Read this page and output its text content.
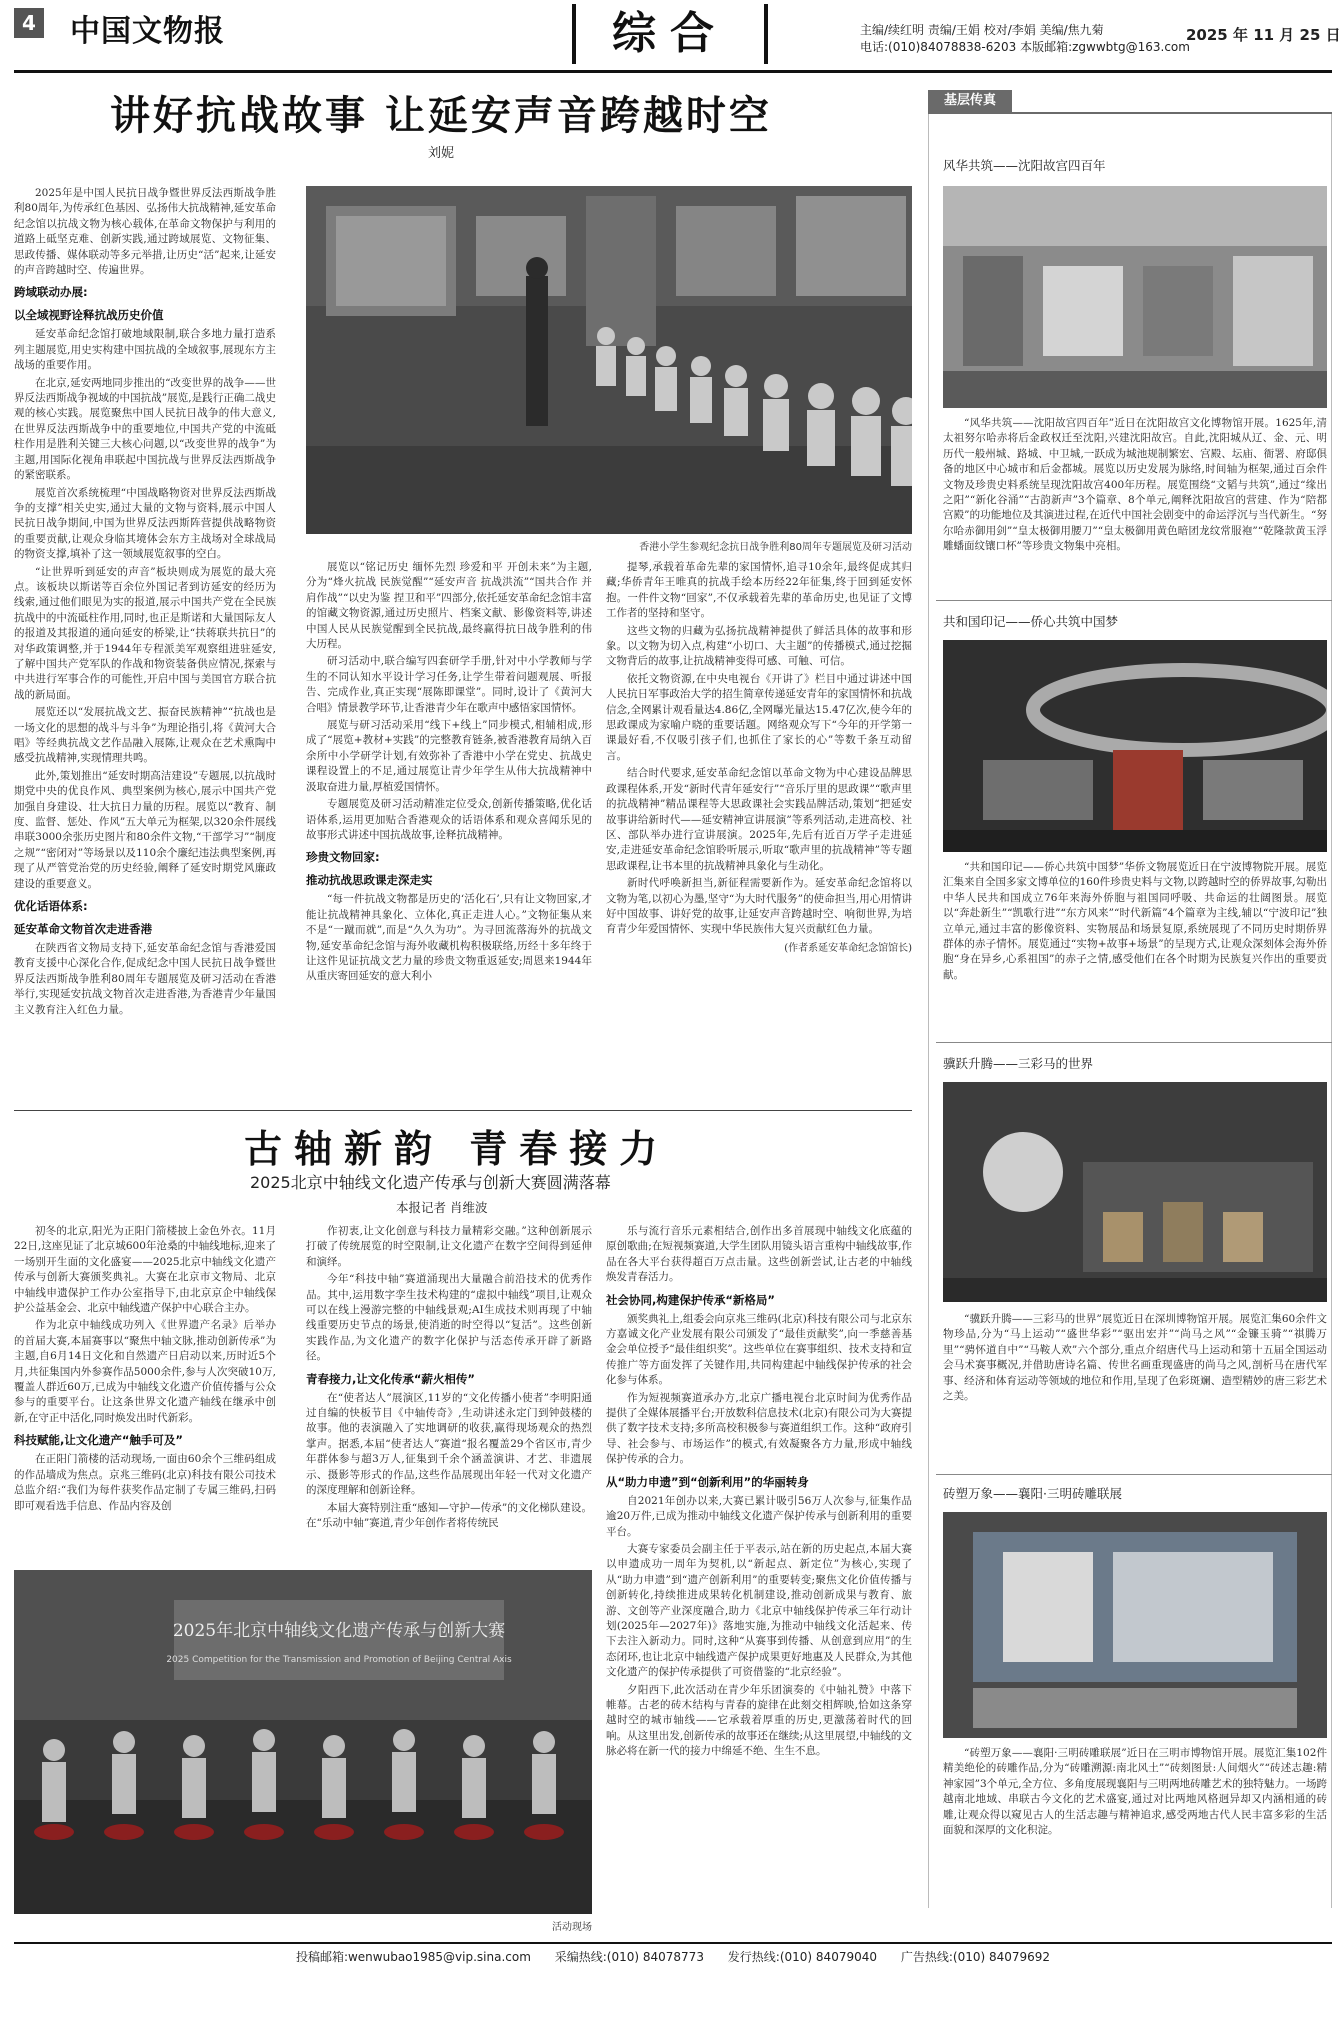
4 中国文物报	综合	主编/续红明 责编/王娟 校对/李娟 美编/焦九菊
电话:(010)84078838-6203 本版邮箱:zgwwbtg@163.com
2025 年 11 月 25 日
讲好抗战故事 让延安声音跨越时空
刘妮

2025年是中国人民抗日战争暨世界反法西斯战争胜利80周年,为传承红色基因、弘扬伟大抗战精神,延安革命纪念馆以抗战文物为核心载体,在革命文物保护与利用的道路上砥坚克难、创新实践,通过跨域展览、文物征集、思政传播、媒体联动等多元举措,让历史“活”起来,让延安的声音跨越时空、传遍世界。

跨域联动办展:
以全域视野诠释抗战历史价值

延安革命纪念馆打破地域限制,联合多地力量打造系列主题展览,用史实构建中国抗战的全域叙事,展现东方主战场的重要作用。

在北京,延安两地同步推出的“改变世界的战争——世界反法西斯战争视域的中国抗战”展览,是践行正确二战史观的核心实践。展览聚焦中国人民抗日战争的伟大意义,在世界反法西斯战争中的重要地位,中国共产党的中流砥柱作用是胜利关键三大核心问题,以“改变世界的战争”为主题,用国际化视角串联起中国抗战与世界反法西斯战争的紧密联系。

展览首次系统梳理“中国战略物资对世界反法西斯战争的支撑”相关史实,通过大量的文物与资料,展示中国人民抗日战争期间,中国为世界反法西斯阵营提供战略物资的重要贡献,让观众身临其境体会东方主战场对全球战局的物资支撑,填补了这一领域展览叙事的空白。

“让世界听到延安的声音”板块则成为展览的最大亮点。该板块以斯诺等百余位外国记者到访延安的经历为线索,通过他们眼见为实的报道,展示中国共产党在全民族抗战中的中流砥柱作用,同时,也正是斯诺和大量国际友人的报道及其报道的通向延安的桥梁,让“扶蒋联共抗日”的对华政策调整,并于1944年专程派美军观察组进驻延安,了解中国共产党军队的作战和物资装备供应情况,探索与中共进行军事合作的可能性,开启中国与美国官方联合抗战的新局面。

展览还以“发展抗战文艺、振奋民族精神”“抗战也是一场文化的思想的战斗与斗争”为理论指引,将《黄河大合唱》等经典抗战文艺作品融入展陈,让观众在艺术熏陶中感受抗战精神,实现情理共鸣。

此外,策划推出“延安时期高洁建设”专题展,以抗战时期党中央的优良作风、典型案例为核心,展示中国共产党加强自身建设、壮大抗日力量的历程。展览以“教育、制度、监督、惩处、作风”五大单元为框架,以320余件展线串联3000余张历史图片和80余件文物,“干部学习”“制度之规”“密闭对”等场景以及110余个廉纪违法典型案例,再现了从严管党治党的历史经验,阐释了延安时期党风廉政建设的重要意义。

优化话语体系:
延安革命文物首次走进香港

在陕西省文物局支持下,延安革命纪念馆与香港爱国教育支援中心深化合作,促成纪念中国人民抗日战争暨世界反法西斯战争胜利80周年专题展览及研习活动在香港举行,实现延安抗战文物首次走进香港,为香港青少年量国主义教育注入红色力量。

香港小学生参观纪念抗日战争胜利80周年专题展览及研习活动

展览以“铭记历史 缅怀先烈 珍爱和平 开创未来”为主题,分为“烽火抗战 民族觉醒”“延安声音 抗战洪流”“国共合作 并肩作战”“以史为鉴 捏卫和平”四部分,依托延安革命纪念馆丰富的馆藏文物资源,通过历史照片、档案文献、影像资料等,讲述中国人民从民族觉醒到全民抗战,最终赢得抗日战争胜利的伟大历程。

研习活动中,联合编写四套研学手册,针对中小学教师与学生的不同认知水平设计学习任务,让学生带着问题观展、听报告、完成作业,真正实现“展陈即课堂”。同时,设计了《黄河大合唱》情景教学环节,让香港青少年在歌声中感悟家国情怀。

展览与研习活动采用“线下+线上”同步模式,相辅相成,形成了“展览+教材+实践”的完整教育链条,被香港教育局纳入百余所中小学研学计划,有效弥补了香港中小学在党史、抗战史课程设置上的不足,通过展览让青少年学生从伟大抗战精神中汲取奋进力量,厚植爱国情怀。

专题展览及研习活动精准定位受众,创新传播策略,优化话语体系,运用更加贴合香港观众的话语体系和观众喜闻乐见的故事形式讲述中国抗战故事,诠释抗战精神。

珍贵文物回家:
推动抗战思政课走深走实

“每一件抗战文物都是历史的‘活化石’,只有让文物回家,才能让抗战精神具象化、立体化,真正走进人心。”文物征集从来不是“一蹴而就”,而是“久久为功”。为寻回流落海外的抗战文物,延安革命纪念馆与海外收藏机构积极联络,历经十多年终于让这件见证抗战文艺力量的珍贵文物重返延安;周恩来1944年从重庆寄回延安的意大利小

提琴,承载着革命先辈的家国情怀,追寻10余年,最终促成其归藏;华侨青年王唯真的抗战手绘本历经22年征集,终于回到延安怀抱。一件件文物“回家”,不仅承载着先辈的革命历史,也见证了文博工作者的坚持和坚守。

这些文物的归藏为弘扬抗战精神提供了鲜活具体的故事和形象。以文物为切入点,构建“小切口、大主题”的传播模式,通过挖掘文物背后的故事,让抗战精神变得可感、可触、可信。

依托文物资源,在中央电视台《开讲了》栏目中通过讲述中国人民抗日军事政治大学的招生简章传递延安青年的家国情怀和抗战信念,全网累计观看量达4.86亿,全网曝光量达15.47亿次,使今年的思政课成为家喻户晓的重要话题。网络观众写下“今年的开学第一课最好看,不仅吸引孩子们,也抓住了家长的心”等数千条互动留言。

结合时代要求,延安革命纪念馆以革命文物为中心建设品牌思政课程体系,开发“新时代青年延安行”“音乐厅里的思政课”“歌声里的抗战精神”精品课程等大思政课社会实践品牌活动,策划“把延安故事讲给新时代——延安精神宣讲展演”等系列活动,走进高校、社区、部队举办进行宣讲展演。2025年,先后有近百万学子走进延安,走进延安革命纪念馆聆听展示,听取“歌声里的抗战精神”等专题思政课程,让书本里的抗战精神具象化与生动化。

新时代呼唤新担当,新征程需要新作为。延安革命纪念馆将以文物为笔,以初心为墨,坚守“为大时代服务”的使命担当,用心用情讲好中国故事、讲好党的故事,让延安声音跨越时空、响彻世界,为培育青少年爱国情怀、实现中华民族伟大复兴贡献红色力量。

(作者系延安革命纪念馆馆长)

古轴新韵 青春接力
2025北京中轴线文化遗产传承与创新大赛圆满落幕
本报记者 肖维波

初冬的北京,阳光为正阳门箭楼披上金色外衣。11月22日,这座见证了北京城600年沧桑的中轴线地标,迎来了一场别开生面的文化盛宴——2025北京中轴线文化遗产传承与创新大赛颁奖典礼。大赛在北京市文物局、北京中轴线申遗保护工作办公室指导下,由北京京企中轴线保护公益基金会、北京中轴线遗产保护中心联合主办。

作为北京中轴线成功列入《世界遗产名录》后举办的首届大赛,本届赛事以“聚焦中轴文脉,推动创新传承”为主题,自6月14日文化和自然遗产日启动以来,历时近5个月,共征集国内外参赛作品5000余件,参与人次突破10万,覆盖人群近60万,已成为中轴线文化遗产价值传播与公众参与的重要平台。让这条世界文化遗产轴线在继承中创新,在守正中活化,同时焕发出时代新彩。

科技赋能,让文化遗产“触手可及”

在正阳门箭楼的活动现场,一面由60余个三维码组成的作品墙成为焦点。京兆三维码(北京)科技有限公司技术总监介绍:“我们为每件获奖作品定制了专属三维码,扫码即可观看选手信息、作品内容及创

作初衷,让文化创意与科技力量精彩交融。”这种创新展示打破了传统展览的时空限制,让文化遗产在数字空间得到延伸和演绎。

今年“科技中轴”赛道涌现出大量融合前沿技术的优秀作品。其中,运用数字孪生技术构建的“虚拟中轴线”项目,让观众可以在线上漫游完整的中轴线景观;AI生成技术则再现了中轴线重要历史节点的场景,使消逝的时空得以“复活”。这些创新实践作品,为文化遗产的数字化保护与活态传承开辟了新路径。

青春接力,让文化传承“薪火相传”

在“使者达人”展演区,11岁的“文化传播小使者”李明阳通过自编的快板节目《中轴传奇》,生动讲述永定门到钟鼓楼的故事。他的表演融入了实地调研的收获,赢得现场观众的热烈掌声。据悉,本届“使者达人”赛道“报名覆盖29个省区市,青少年群体参与超3万人,征集到千余个涵盖演讲、才艺、非遗展示、摄影等形式的作品,这些作品展现出年轻一代对文化遗产的深度理解和创新诠释。

本届大赛特别注重“感知—守护—传承”的文化梯队建设。在“乐动中轴”赛道,青少年创作者将传统民

乐与流行音乐元素相结合,创作出多首展现中轴线文化底蕴的原创歌曲;在短视频赛道,大学生团队用镜头语言重构中轴线故事,作品在各大平台获得超百万点击量。这些创新尝试,让古老的中轴线焕发青春活力。

社会协同,构建保护传承“新格局”

颁奖典礼上,组委会向京兆三维码(北京)科技有限公司与北京东方嘉诚文化产业发展有限公司颁发了“最佳贡献奖”,向一季慈善基金会单位授予“最佳组织奖”。这些单位在赛事组织、技术支持和宣传推广等方面发挥了关键作用,共同构建起中轴线保护传承的社会化参与体系。

作为短视频赛道承办方,北京广播电视台北京时间为优秀作品提供了全媒体展播平台;开放数科信息技术(北京)有限公司为大赛提供了数字技术支持;多所高校积极参与赛道组织工作。这种“政府引导、社会参与、市场运作”的模式,有效凝聚各方力量,形成中轴线保护传承的合力。

从“助力申遗”到“创新利用”的华丽转身

自2021年创办以来,大赛已累计吸引56万人次参与,征集作品逾20万件,已成为推动中轴线文化遗产保护传承与创新利用的重要平台。

大赛专家委员会副主任于平表示,站在新的历史起点,本届大赛以申遗成功一周年为契机,以“新起点、新定位”为核心,实现了从“助力申遗”到“遗产创新利用”的重要转变;聚焦文化价值传播与创新转化,持续推进成果转化机制建设,推动创新成果与教育、旅游、文创等产业深度融合,助力《北京中轴线保护传承三年行动计划(2025年—2027年)》落地实施,为推动中轴线文化活起来、传下去注入新动力。同时,这种“从赛事到传播、从创意到应用”的生态闭环,也让北京中轴线遗产保护成果更好地惠及人民群众,为其他文化遗产的保护传承提供了可资借鉴的“北京经验”。

夕阳西下,此次活动在青少年乐团演奏的《中轴礼赞》中落下帷幕。古老的砖木结构与青春的旋律在此刻交相辉映,恰如这条穿越时空的城市轴线——它承载着厚重的历史,更激荡着时代的回响。从这里出发,创新传承的故事还在继续;从这里展望,中轴线的文脉必将在新一代的接力中绵延不绝、生生不息。

2025年北京中轴线文化遗产传承与创新大赛
2025 Competition for the Transmission and Promotion of Beijing Central Axis
活动现场
基层传真
风华共筑——沈阳故宫四百年

“风华共筑——沈阳故宫四百年”近日在沈阳故宫文化博物馆开展。1625年,清太祖努尔哈赤将后金政权迁至沈阳,兴建沈阳故宫。自此,沈阳城从辽、金、元、明历代一般州城、路城、中卫城,一跃成为城池规制繁宏、宫殿、坛庙、衙署、府邸俱备的地区中心城市和后金都城。展览以历史发展为脉络,时间轴为框架,通过百余件文物及珍贵史料系统呈现沈阳故宫400年历程。展览围绕“文韬与共筑”,通过“缘出之阳”“新化谷涌”“古韵新声”3个篇章、8个单元,阐释沈阳故宫的营建、作为“陪都宫殿”的功能地位及其演进过程,在近代中国社会剧变中的命运浮沉与当代新生。“努尔哈赤御用剑”“皇太极御用腰刀”“皇太极御用黄色暗团龙纹常服袍”“乾隆款黄玉浮雕蟠面纹镶口杯”等珍贵文物集中亮相。

共和国印记——侨心共筑中国梦

“共和国印记——侨心共筑中国梦”华侨文物展览近日在宁波博物院开展。展览汇集来自全国多家文博单位的160件珍贵史料与文物,以跨越时空的侨界故事,勾勒出中华人民共和国成立76年来海外侨胞与祖国同呼吸、共命运的壮阔图景。展览以“奔赴新生”“凯歌行进”“东方风来”“时代新篇”4个篇章为主线,辅以“宁波印记”独立单元,通过丰富的影像资料、实物展品和场景复原,系统展现了不同历史时期侨界群体的赤子情怀。展览通过“实物+故事+场景”的呈现方式,让观众深刻体会海外侨胞“身在异乡,心系祖国”的赤子之情,感受他们在各个时期为民族复兴作出的重要贡献。

骥跃升腾——三彩马的世界

“骥跃升腾——三彩马的世界”展览近日在深圳博物馆开展。展览汇集60余件文物珍品,分为“马上运动”“盛世华彩”“驱出宏并”“尚马之风”“金镰玉骑”“祺腾万里”“骋怀道自中”“马鞍人欢”六个部分,重点介绍唐代马上运动和第十五届全国运动会马术赛事概况,并借助唐诗名篇、传世名画重现盛唐的尚马之风,剖析马在唐代军事、经济和体育运动等领域的地位和作用,呈现了色彩斑斓、造型精妙的唐三彩艺术之美。

砖塑万象——襄阳·三明砖雕联展

“砖塑万象——襄阳·三明砖雕联展”近日在三明市博物馆开展。展览汇集102件精美绝伦的砖雕作品,分为“砖雕溯源:南北风土”“砖刻图景:人间烟火”“砖述志趣:精神家园”3个单元,全方位、多角度展现襄阳与三明两地砖雕艺术的独特魅力。一场跨越南北地域、串联古今文化的艺术盛宴,通过对比两地风格迥异却又内涵相通的砖雕,让观众得以窥见古人的生活志趣与精神追求,感受两地古代人民丰富多彩的生活面貌和深厚的文化积淀。

投稿邮箱:wenwubao1985@vip.sina.com 采编热线:(010) 84078773 发行热线:(010) 84079040 广告热线:(010) 84079692
